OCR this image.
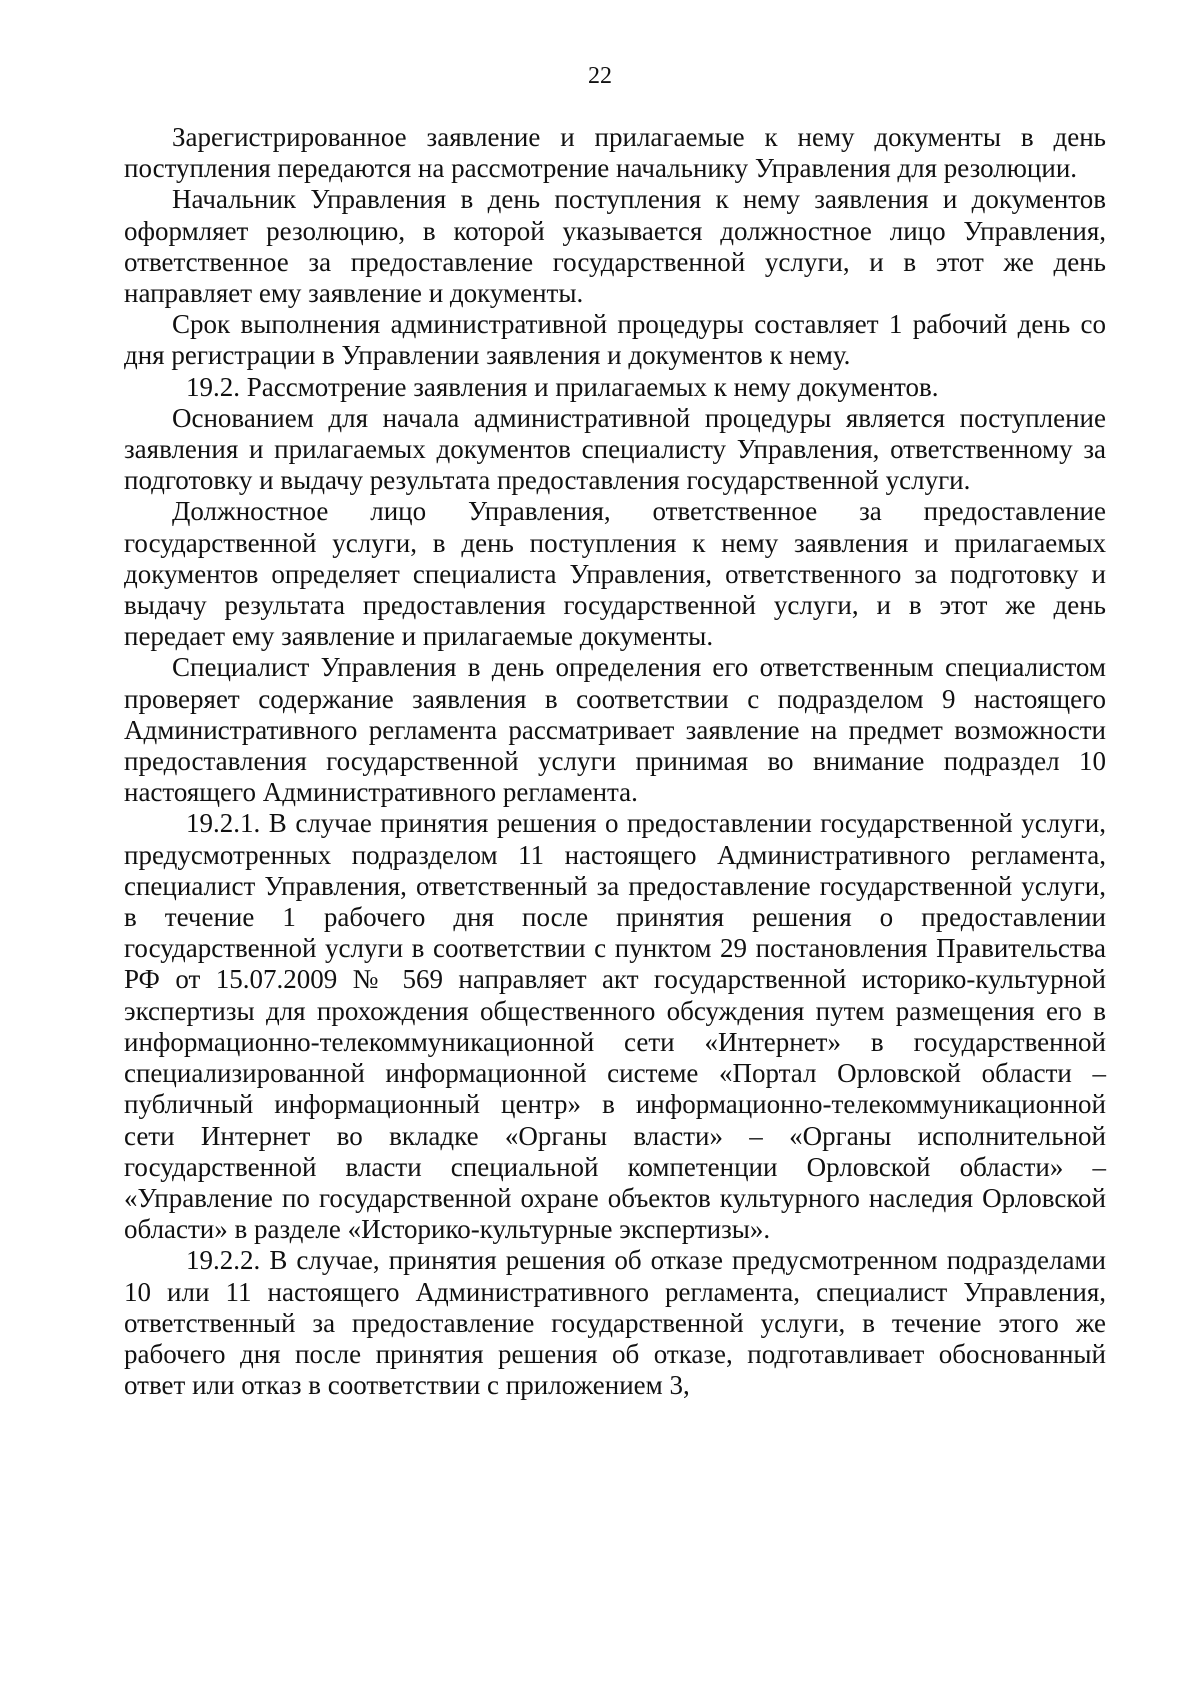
22

Зарегистрированное заявление и прилагаемые к нему документы в день поступления передаются на рассмотрение начальнику Управления для резолюции.

Начальник Управления в день поступления к нему заявления и документов оформляет резолюцию, в которой указывается должностное лицо Управления, ответственное за предоставление государственной услуги, и в этот же день направляет ему заявление и документы.

Срок выполнения административной процедуры составляет 1 рабочий день со дня регистрации в Управлении заявления и документов к нему.

19.2. Рассмотрение заявления и прилагаемых к нему документов.

Основанием для начала административной процедуры является поступление заявления и прилагаемых документов специалисту Управления, ответственному за подготовку и выдачу результата предоставления государственной услуги.

Должностное лицо Управления, ответственное за предоставление государственной услуги, в день поступления к нему заявления и прилагаемых документов определяет специалиста Управления, ответственного за подготовку и выдачу результата предоставления государственной услуги, и в этот же день передает ему заявление и прилагаемые документы.

Специалист Управления в день определения его ответственным специалистом проверяет содержание заявления в соответствии с подразделом 9 настоящего Административного регламента рассматривает заявление на предмет возможности предоставления государственной услуги принимая во внимание подраздел 10 настоящего Административного регламента.

19.2.1. В случае принятия решения о предоставлении государственной услуги, предусмотренных подразделом 11 настоящего Административного регламента, специалист Управления, ответственный за предоставление государственной услуги, в течение 1 рабочего дня после принятия решения о предоставлении государственной услуги в соответствии с пунктом 29 постановления Правительства РФ от 15.07.2009 № 569 направляет акт государственной историко-культурной экспертизы для прохождения общественного обсуждения путем размещения его в информационно-телекоммуникационной сети «Интернет» в государственной специализированной информационной системе «Портал Орловской области – публичный информационный центр» в информационно-телекоммуникационной сети Интернет во вкладке «Органы власти» – «Органы исполнительной государственной власти специальной компетенции Орловской области» – «Управление по государственной охране объектов культурного наследия Орловской области» в разделе «Историко-культурные экспертизы».

19.2.2. В случае, принятия решения об отказе предусмотренном подразделами 10 или 11 настоящего Административного регламента, специалист Управления, ответственный за предоставление государственной услуги, в течение этого же рабочего дня после принятия решения об отказе, подготавливает обоснованный ответ или отказ в соответствии с приложением 3,
